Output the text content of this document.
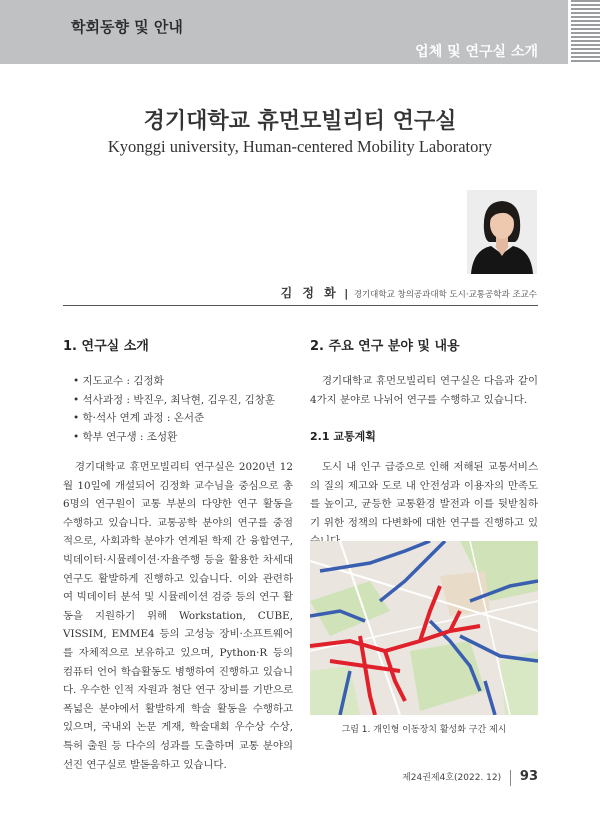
학회동향 및 안내
업체 및 연구실 소개
경기대학교 휴먼모빌리티 연구실
Kyonggi university, Human-centered Mobility Laboratory
김 정 화 | 경기대학교 창의공과대학 도시·교통공학과 조교수
1. 연구실 소개
• 지도교수 : 김정화
• 석사과정 : 박진우, 최낙현, 김우진, 김창훈
• 학·석사 연계 과정 : 온서준
• 학부 연구생 : 조성환

경기대학교 휴먼모빌리티 연구실은 2020년 12월 10일에 개설되어 김정화 교수님을 중심으로 총 6명의 연구원이 교통 부분의 다양한 연구 활동을 수행하고 있습니다. 교통공학 분야의 연구를 중점적으로, 사회과학 분야가 연계된 학제 간 융합연구, 빅데이터·시뮬레이션·자율주행 등을 활용한 차세대 연구도 활발하게 진행하고 있습니다. 이와 관련하여 빅데이터 분석 및 시뮬레이션 검증 등의 연구 활동을 지원하기 위해 Workstation, CUBE, VISSIM, EMME4 등의 고성능 장비·소프트웨어를 자체적으로 보유하고 있으며, Python·R 등의 컴퓨터 언어 학습활동도 병행하여 진행하고 있습니다. 우수한 인적 자원과 첨단 연구 장비를 기반으로 폭넓은 분야에서 활발하게 학술 활동을 수행하고 있으며, 국내외 논문 게재, 학술대회 우수상 수상, 특허 출원 등 다수의 성과를 도출하며 교통 분야의 선진 연구실로 발돋움하고 있습니다.

2. 주요 연구 분야 및 내용

경기대학교 휴먼모빌리티 연구실은 다음과 같이 4가지 분야로 나뉘어 연구를 수행하고 있습니다.

2.1 교통계획

도시 내 인구 급증으로 인해 저해된 교통서비스의 질의 제고와 도로 내 안전성과 이용자의 만족도를 높이고, 균등한 교통환경 발전과 이를 뒷받침하기 위한 정책의 다변화에 대한 연구를 진행하고 있

그림 1. 개인형 이동장치 활성화 구간 제시
제24권제4호(2022. 12) 93
